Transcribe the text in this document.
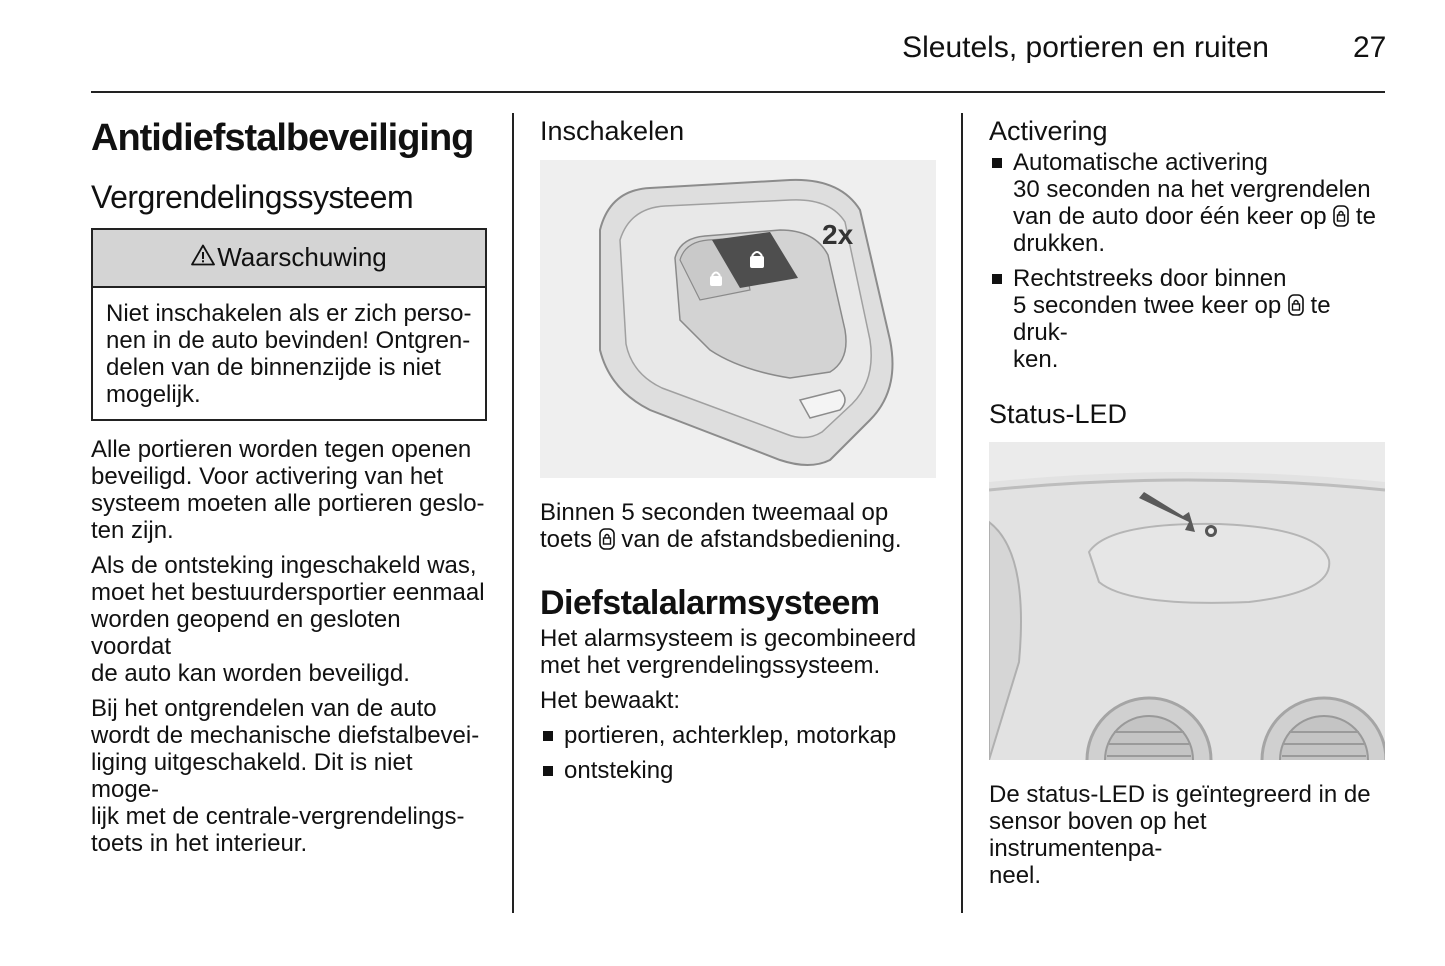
Sleutels, portieren en ruiten	27
Antidiefstalbeveiliging
Vergrendelingssysteem
Waarschuwing

Niet inschakelen als er zich perso-

nen in de auto bevinden! Ontgren-

delen van de binnenzijde is niet

mogelijk.

Alle portieren worden tegen openen

beveiligd. Voor activering van het

systeem moeten alle portieren geslo-

ten zijn.

Als de ontsteking ingeschakeld was,

moet het bestuurdersportier eenmaal

worden geopend en gesloten voordat

de auto kan worden beveiligd.

Bij het ontgrendelen van de auto

wordt de mechanische diefstalbevei-

liging uitgeschakeld. Dit is niet moge-

lijk met de centrale-vergrendelings-

toets in het interieur.

Inschakelen
2x

Binnen 5 seconden tweemaal op

toets  van de afstandsbediening.

Diefstalalarmsysteem

Het alarmsysteem is gecombineerd

met het vergrendelingssysteem.

Het bewaakt:

portieren, achterklep, motorkap

ontsteking

Activering

Automatische activering

30 seconden na het vergrendelen

van de auto door één keer op  te

drukken.

Rechtstreeks door binnen

5 seconden twee keer op  te druk-

ken.

Status-LED

De status-LED is geïntegreerd in de

sensor boven op het instrumentenpa-

neel.
